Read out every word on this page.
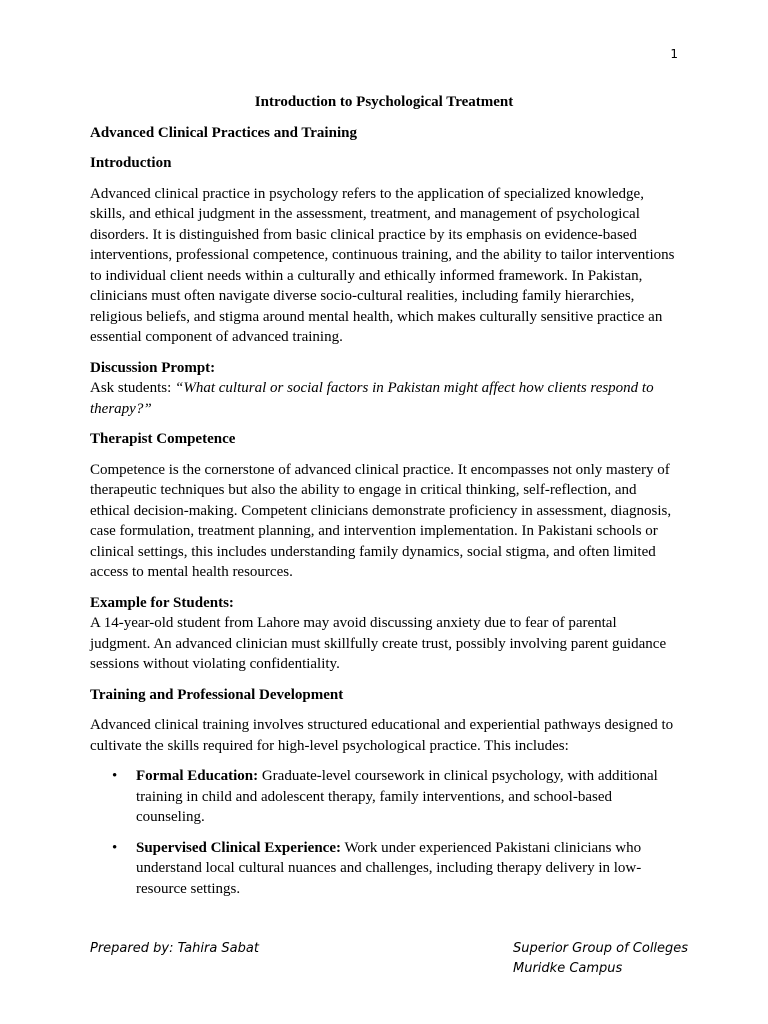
1
Introduction to Psychological Treatment
Advanced Clinical Practices and Training
Introduction

Advanced clinical practice in psychology refers to the application of specialized knowledge, skills, and ethical judgment in the assessment, treatment, and management of psychological disorders. It is distinguished from basic clinical practice by its emphasis on evidence-based interventions, professional competence, continuous training, and the ability to tailor interventions to individual client needs within a culturally and ethically informed framework. In Pakistan, clinicians must often navigate diverse socio-cultural realities, including family hierarchies, religious beliefs, and stigma around mental health, which makes culturally sensitive practice an essential component of advanced training.

Discussion Prompt:
Ask students: “What cultural or social factors in Pakistan might affect how clients respond to therapy?”

Therapist Competence

Competence is the cornerstone of advanced clinical practice. It encompasses not only mastery of therapeutic techniques but also the ability to engage in critical thinking, self-reflection, and ethical decision-making. Competent clinicians demonstrate proficiency in assessment, diagnosis, case formulation, treatment planning, and intervention implementation. In Pakistani schools or clinical settings, this includes understanding family dynamics, social stigma, and often limited access to mental health resources.

Example for Students:
A 14-year-old student from Lahore may avoid discussing anxiety due to fear of parental judgment. An advanced clinician must skillfully create trust, possibly involving parent guidance sessions without violating confidentiality.

Training and Professional Development

Advanced clinical training involves structured educational and experiential pathways designed to cultivate the skills required for high-level psychological practice. This includes:

• Formal Education: Graduate-level coursework in clinical psychology, with additional training in child and adolescent therapy, family interventions, and school-based counseling.
• Supervised Clinical Experience: Work under experienced Pakistani clinicians who understand local cultural nuances and challenges, including therapy delivery in low-resource settings.
Prepared by: Tahira Sabat	Superior Group of Colleges
Muridke Campus
